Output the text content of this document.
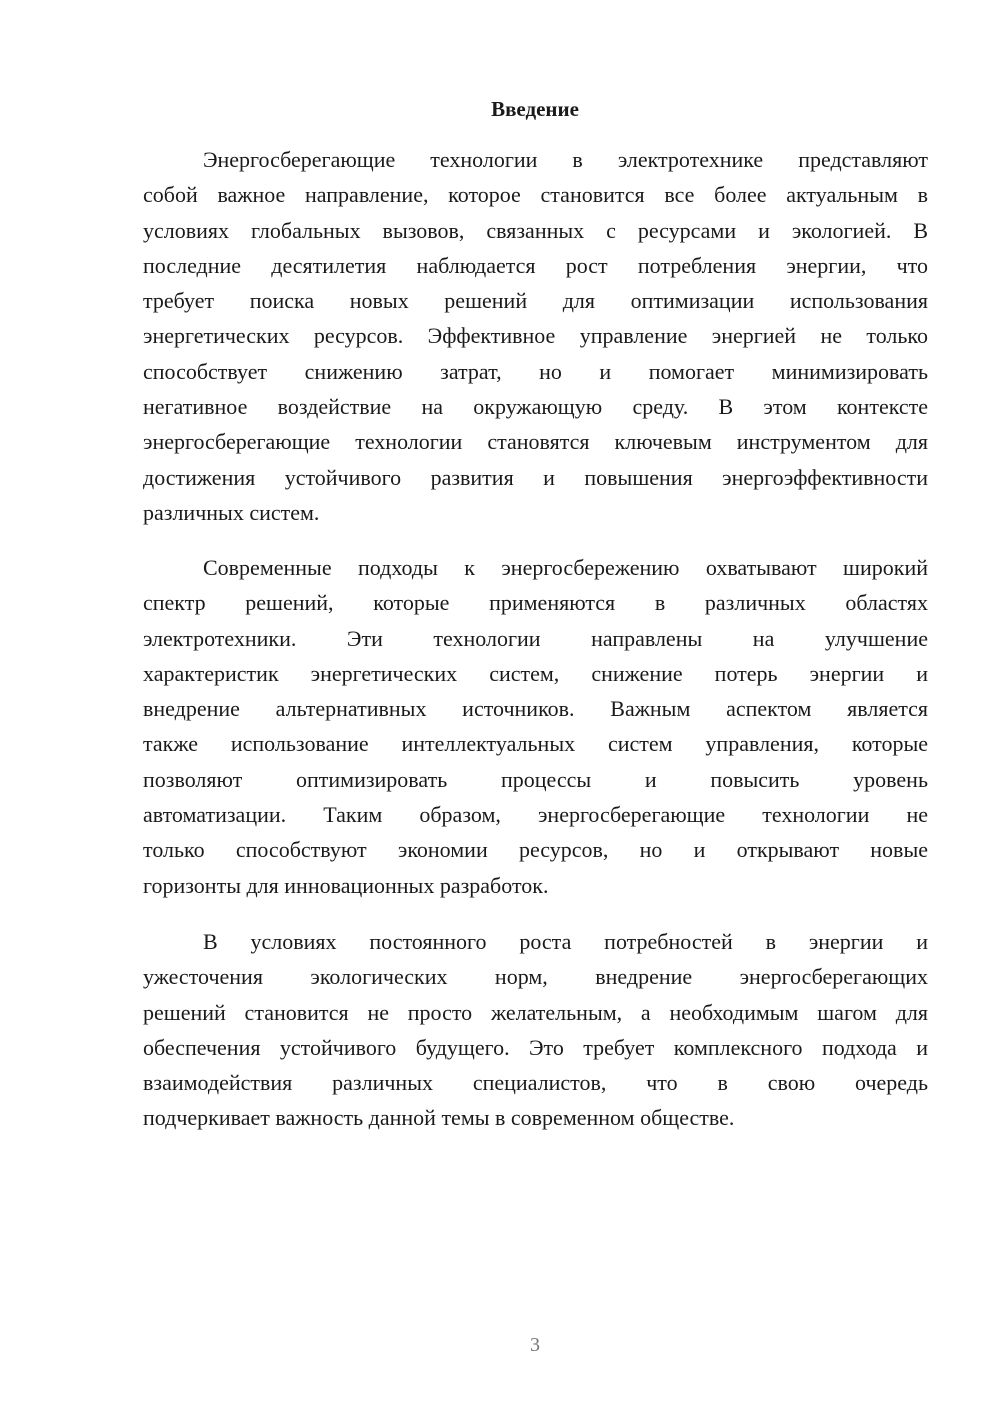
Введение
Энергосберегающие технологии в электротехнике представляют
собой важное направление, которое становится все более актуальным в
условиях глобальных вызовов, связанных с ресурсами и экологией. В
последние десятилетия наблюдается рост потребления энергии, что
требует поиска новых решений для оптимизации использования
энергетических ресурсов. Эффективное управление энергией не только
способствует снижению затрат, но и помогает минимизировать
негативное воздействие на окружающую среду. В этом контексте
энергосберегающие технологии становятся ключевым инструментом для
достижения устойчивого развития и повышения энергоэффективности
различных систем.
Современные подходы к энергосбережению охватывают широкий
спектр решений, которые применяются в различных областях
электротехники. Эти технологии направлены на улучшение
характеристик энергетических систем, снижение потерь энергии и
внедрение альтернативных источников. Важным аспектом является
также использование интеллектуальных систем управления, которые
позволяют оптимизировать процессы и повысить уровень
автоматизации. Таким образом, энергосберегающие технологии не
только способствуют экономии ресурсов, но и открывают новые
горизонты для инновационных разработок.
В условиях постоянного роста потребностей в энергии и
ужесточения экологических норм, внедрение энергосберегающих
решений становится не просто желательным, а необходимым шагом для
обеспечения устойчивого будущего. Это требует комплексного подхода и
взаимодействия различных специалистов, что в свою очередь
подчеркивает важность данной темы в современном обществе.
3
